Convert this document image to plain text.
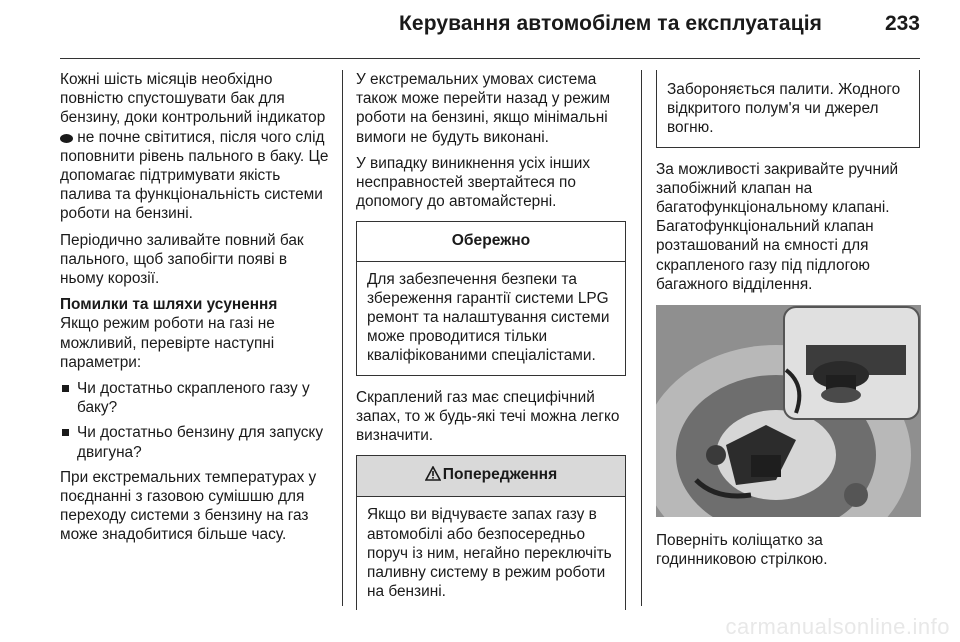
Керування автомобілем та експлуатація	233

Кожні шість місяців необхідно повністю спустошувати бак для бензину, доки контрольний індикатор  не почне світитися, після чого слід поповнити рівень пального в баку. Це допомагає підтримувати якість палива та функціональність системи роботи на бензині.

Періодично заливайте повний бак пального, щоб запобігти появі в ньому корозії.

Помилки та шляхи усунення

Якщо режим роботи на газі не можливий, перевірте наступні параметри:

Чи достатньо скрапленого газу у баку?
Чи достатньо бензину для запуску двигуна?

При екстремальних температурах у поєднанні з газовою сумішшю для переходу системи з бензину на газ може знадобитися більше часу.

У екстремальних умовах система також може перейти назад у режим роботи на бензині, якщо мінімальні вимоги не будуть виконані.

У випадку виникнення усіх інших несправностей звертайтеся по допомогу до автомайстерні.

Обережно
Для забезпечення безпеки та збереження гарантії системи LPG ремонт та налаштування системи може проводитися тільки кваліфікованими спеціалістами.

Скраплений газ має специфічний запах, то ж будь-які течі можна легко визначити.

Попередження
Якщо ви відчуваєте запах газу в автомобілі або безпосередньо поруч із ним, негайно переключіть паливну систему в режим роботи на бензині.
Забороняється палити. Жодного відкритого полум'я чи джерел вогню.

За можливості закривайте ручний запобіжний клапан на багатофункціональному клапані. Багатофункціональний клапан розташований на ємності для скрапленого газу під підлогою багажного відділення.

Поверніть коліщатко за годинниковою стрілкою.

carmanualsonline.info
